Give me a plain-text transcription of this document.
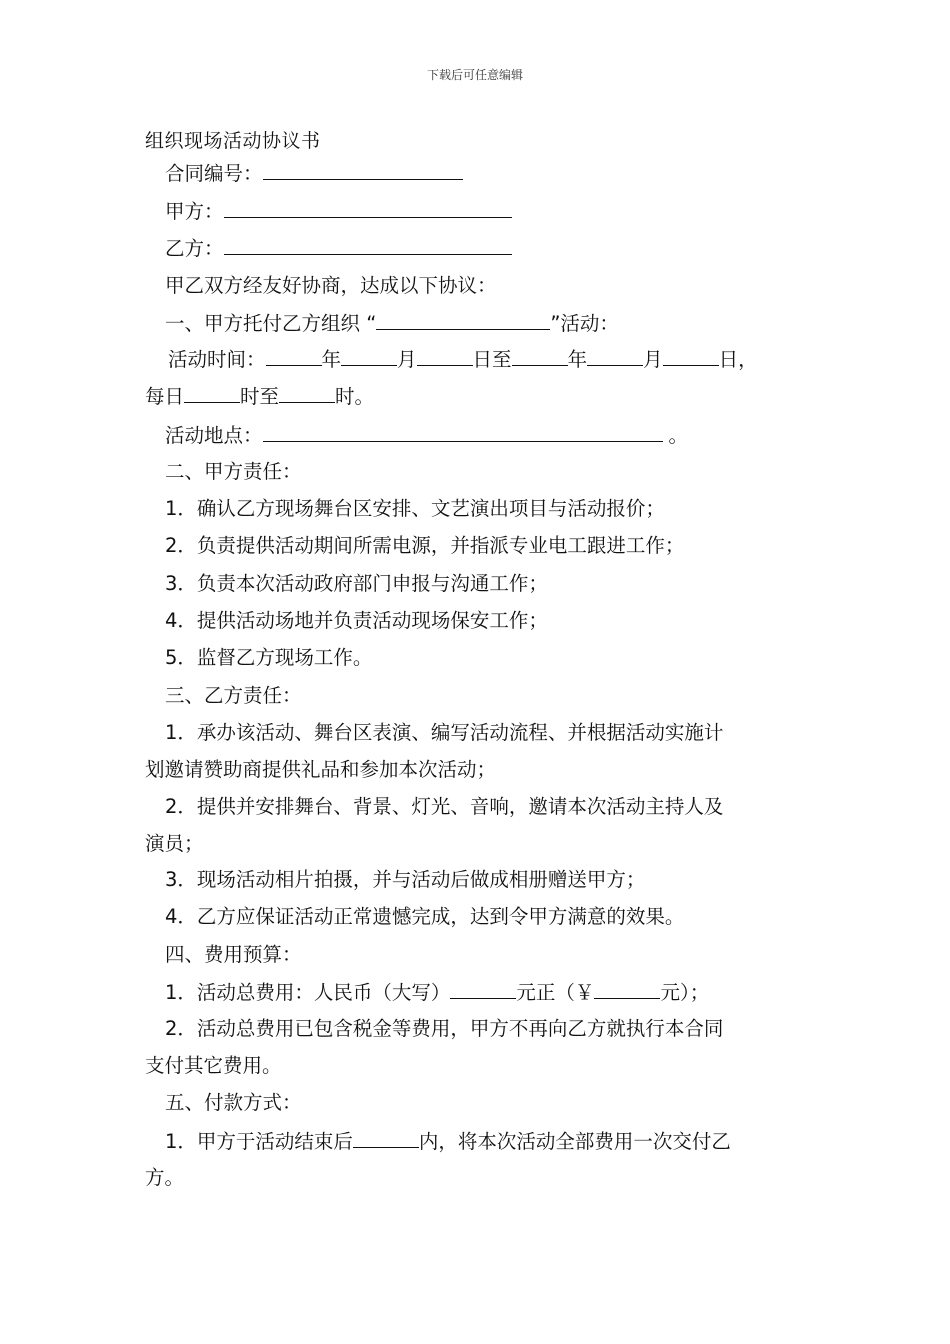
下载后可任意编辑
组织现场活动协议书
合同编号：
甲方：
乙方：
甲乙双方经友好协商，达成以下协议：
一、甲方托付乙方组织 “	”活动：
活动时间：	年	月	日至	年	月	日，
每日	时至	时。
活动地点：	。
二、甲方责任：
1．确认乙方现场舞台区安排、文艺演出项目与活动报价；
2．负责提供活动期间所需电源，并指派专业电工跟进工作；
3．负责本次活动政府部门申报与沟通工作；
4．提供活动场地并负责活动现场保安工作；
5．监督乙方现场工作。
三、乙方责任：
1．承办该活动、舞台区表演、编写活动流程、并根据活动实施计
划邀请赞助商提供礼品和参加本次活动；
2．提供并安排舞台、背景、灯光、音响，邀请本次活动主持人及
演员；
3．现场活动相片拍摄，并与活动后做成相册赠送甲方；
4．乙方应保证活动正常遗憾完成，达到令甲方满意的效果。
四、费用预算：
1．活动总费用：人民币（大写）	元正（￥	元）；
2．活动总费用已包含税金等费用，甲方不再向乙方就执行本合同
支付其它费用。
五、付款方式：
1．甲方于活动结束后	内，将本次活动全部费用一次交付乙
方。
